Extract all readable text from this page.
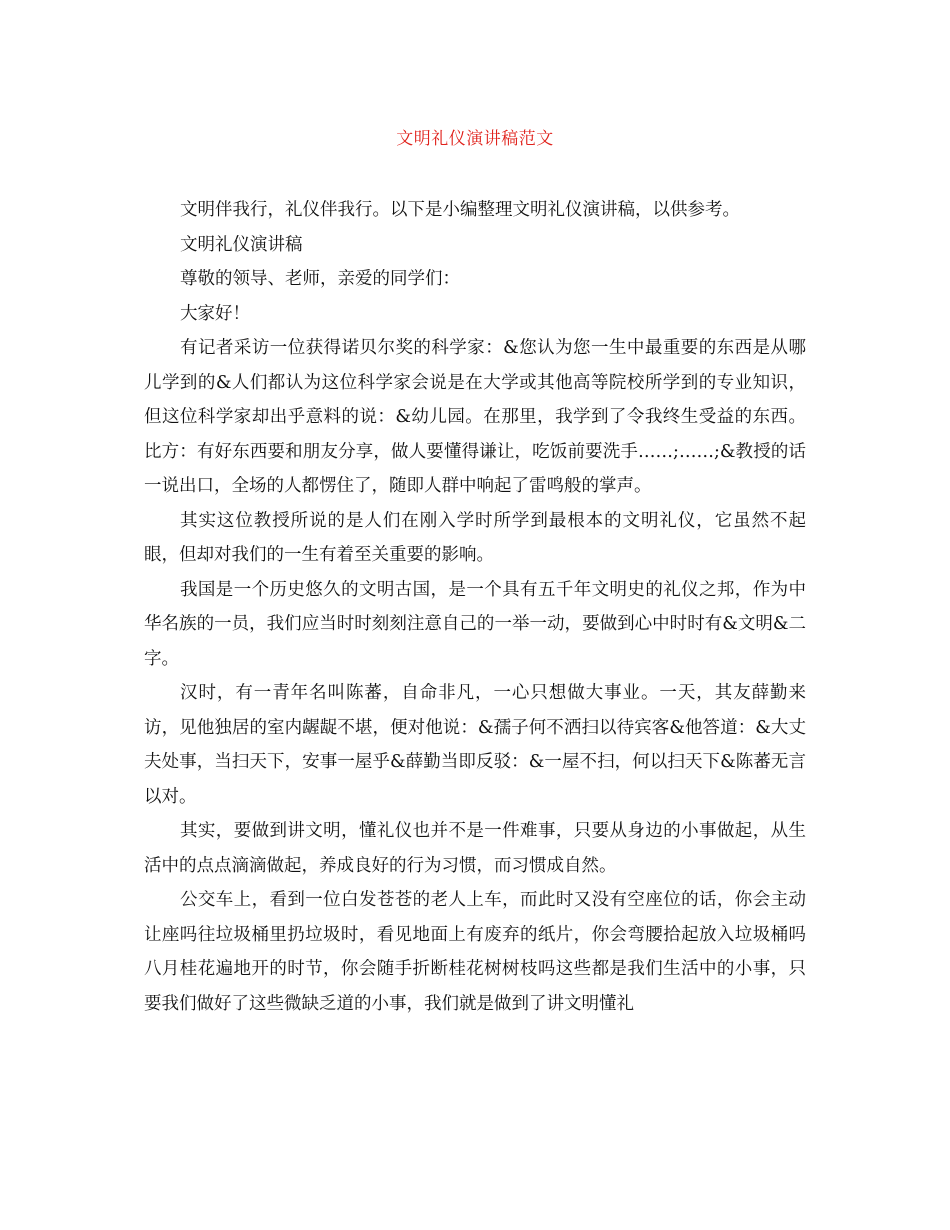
文明礼仪演讲稿范文

文明伴我行，礼仪伴我行。以下是小编整理文明礼仪演讲稿，以供参考。

文明礼仪演讲稿

尊敬的领导、老师，亲爱的同学们：

大家好！

有记者采访一位获得诺贝尔奖的科学家：&您认为您一生中最重要的东西是从哪儿学到的&人们都认为这位科学家会说是在大学或其他高等院校所学到的专业知识，但这位科学家却出乎意料的说：&幼儿园。在那里，我学到了令我终生受益的东西。比方：有好东西要和朋友分享，做人要懂得谦让，吃饭前要洗手……;……;&教授的话一说出口，全场的人都愣住了，随即人群中响起了雷鸣般的掌声。

其实这位教授所说的是人们在刚入学时所学到最根本的文明礼仪，它虽然不起眼，但却对我们的一生有着至关重要的影响。

我国是一个历史悠久的文明古国，是一个具有五千年文明史的礼仪之邦，作为中华名族的一员，我们应当时时刻刻注意自己的一举一动，要做到心中时时有&文明&二字。

汉时，有一青年名叫陈蕃，自命非凡，一心只想做大事业。一天，其友薛勤来访，见他独居的室内龌龊不堪，便对他说：&孺子何不洒扫以待宾客&他答道：&大丈夫处事，当扫天下，安事一屋乎&薛勤当即反驳：&一屋不扫，何以扫天下&陈蕃无言以对。

其实，要做到讲文明，懂礼仪也并不是一件难事，只要从身边的小事做起，从生活中的点点滴滴做起，养成良好的行为习惯，而习惯成自然。

公交车上，看到一位白发苍苍的老人上车，而此时又没有空座位的话，你会主动让座吗往垃圾桶里扔垃圾时，看见地面上有废弃的纸片，你会弯腰拾起放入垃圾桶吗八月桂花遍地开的时节，你会随手折断桂花树树枝吗这些都是我们生活中的小事，只要我们做好了这些微缺乏道的小事，我们就是做到了讲文明懂礼
